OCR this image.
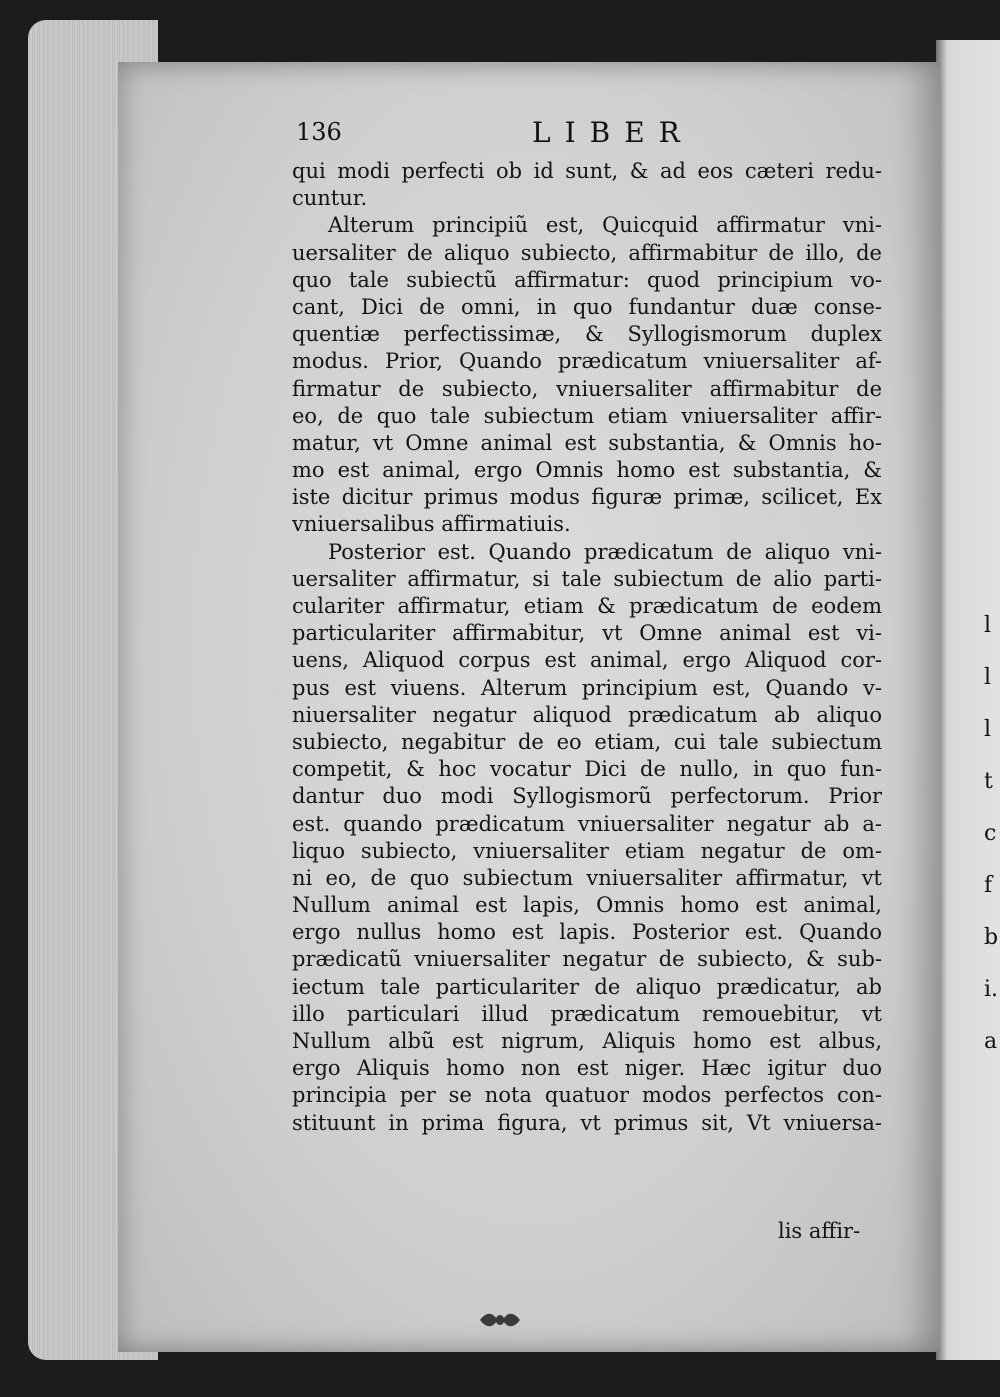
l
l
l
t
c
f
b
i.
a
136	LIBER
qui modi perfecti ob id sunt, & ad eos cæteri redu-
cuntur.
Alterum principiũ est, Quicquid affirmatur vni-
uersaliter de aliquo subiecto, affirmabitur de illo, de
quo tale subiectũ affirmatur: quod principium vo-
cant, Dici de omni, in quo fundantur duæ conse-
quentiæ perfectissimæ, & Syllogismorum duplex
modus. Prior, Quando prædicatum vniuersaliter af-
firmatur de subiecto, vniuersaliter affirmabitur de
eo, de quo tale subiectum etiam vniuersaliter affir-
matur, vt Omne animal est substantia, & Omnis ho-
mo est animal, ergo Omnis homo est substantia, &
iste dicitur primus modus figuræ primæ, scilicet, Ex
vniuersalibus affirmatiuis.
Posterior est. Quando prædicatum de aliquo vni-
uersaliter affirmatur, si tale subiectum de alio parti-
culariter affirmatur, etiam & prædicatum de eodem
particulariter affirmabitur, vt Omne animal est vi-
uens, Aliquod corpus est animal, ergo Aliquod cor-
pus est viuens. Alterum principium est, Quando v-
niuersaliter negatur aliquod prædicatum ab aliquo
subiecto, negabitur de eo etiam, cui tale subiectum
competit, & hoc vocatur Dici de nullo, in quo fun-
dantur duo modi Syllogismorũ perfectorum. Prior
est. quando prædicatum vniuersaliter negatur ab a-
liquo subiecto, vniuersaliter etiam negatur de om-
ni eo, de quo subiectum vniuersaliter affirmatur, vt
Nullum animal est lapis, Omnis homo est animal,
ergo nullus homo est lapis. Posterior est. Quando
prædicatũ vniuersaliter negatur de subiecto, & sub-
iectum tale particulariter de aliquo prædicatur, ab
illo particulari illud prædicatum remouebitur, vt
Nullum albũ est nigrum, Aliquis homo est albus,
ergo Aliquis homo non est niger. Hæc igitur duo
principia per se nota quatuor modos perfectos con-
stituunt in prima figura, vt primus sit, Vt vniuersa-
lis affir-
